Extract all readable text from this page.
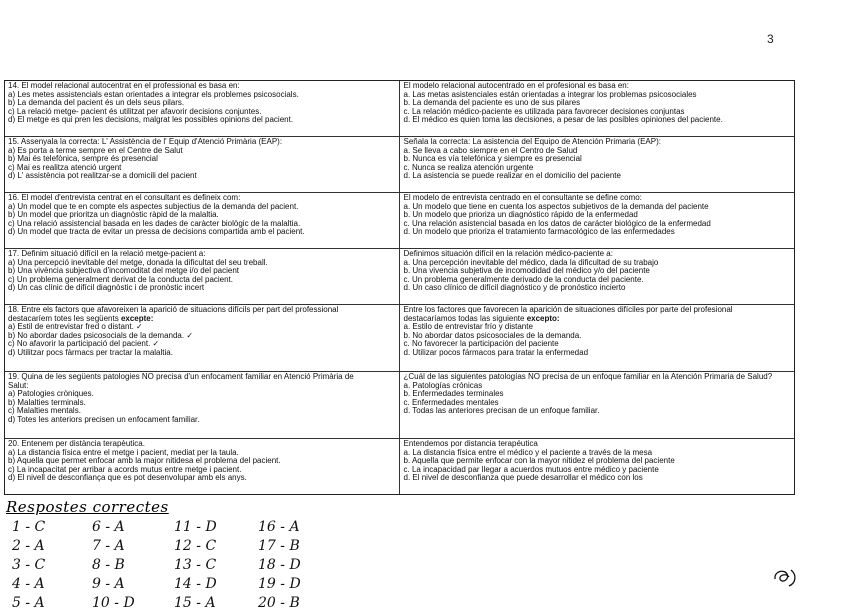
3
14. El model relacional autocentrat en el professional es basa en:
a) Les metes assistencials estan orientades a integrar els problemes psicosocials.
b) La demanda del pacient és un dels seus pilars.
c) La relació metge- pacient és utilitzat per afavorir decisions conjuntes.
d) El metge es qui pren les decisions, malgrat les possibles opinions del pacient.
El modelo relacional autocentrado en el profesional es basa en:
a. Las metas asistenciales están orientadas a integrar los problemas psicosociales
b. La demanda del paciente es uno de sus pilares
c. La relación médico-paciente es utilizada para favorecer decisiones conjuntas
d. El médico es quien toma las decisiones, a pesar de las posibles opiniones del paciente.
15. Assenyala la correcta: L' Assistència de l' Equip d'Atenció Primària (EAP):
a) Es porta a terme sempre en el Centre de Salut
b) Mai és telefònica, sempre és presencial
c) Mai es realitza atenció urgent
d) L' assistència pot realitzar-se a domicili del pacient
Señala la correcta: La asistencia del Equipo de Atención Primaria (EAP):
a. Se lleva a cabo siempre en el Centro de Salud
b. Nunca es vía telefónica y siempre es presencial
c. Nunca se realiza atención urgente
d. La asistencia se puede realizar en el domicilio del paciente
16. El model d'entrevista centrat en el consultant es defineix com:
a) Un model que te en compte els aspectes subjectius de la demanda del pacient.
b) Un model que prioritza un diagnòstic ràpid de la malaltia.
c) Una relació assistencial basada en les dades de caràcter biològic de la malaltia.
d) Un model que tracta de evitar un pressa de decisions compartida amb el pacient.
El modelo de entrevista centrado en el consultante se define como:
a. Un modelo que tiene en cuenta los aspectos subjetivos de la demanda del paciente
b. Un modelo que prioriza un diagnóstico rápido de la enfermedad
c. Una relación asistencial basada en los datos de carácter biológico de la enfermedad
d. Un modelo que prioriza el tratamiento farmacológico de las enfermedades
17. Definim situació difícil en la relació metge-pacient a:
a) Una percepció inevitable del metge, donada la dificultat del seu treball.
b) Una vivència subjectiva d'incomoditat del metge i/o del pacient
c) Un problema generalment derivat de la conducta del pacient.
d) Un cas clínic de difícil diagnòstic i de pronòstic incert
Definimos situación difícil en la relación médico-paciente a:
a. Una percepción inevitable del médico, dada la dificultad de su trabajo
b. Una vivencia subjetiva de incomodidad del médico y/o del paciente
c. Un problema generalmente derivado de la conducta del paciente.
d. Un caso clínico de difícil diagnóstico y de pronóstico incierto
18. Entre els factors que afavoreixen la aparició de situacions difícils per part del professional
destacaríem totes les següents excepte:
a) Estil de entrevistar fred o distant. ✓
b) No abordar dades psicosocials de la demanda. ✓
c) No afavorir la participació del pacient. ✓
d) Utilitzar pocs fàrmacs per tractar la malaltia.
Entre los factores que favorecen la aparición de situaciones difíciles por parte del profesional
destacaríamos todas las siguiente excepto:
a. Estilo de entrevistar frío y distante
b. No abordar datos psicosociales de la demanda.
c. No favorecer la participación del paciente
d. Utilizar pocos fármacos para tratar la enfermedad
19. Quina de les següents patologies NO precisa d'un enfocament familiar en Atenció Primària de
Salut:
a) Patologies cròniques.
b) Malalties terminals.
c) Malalties mentals.
d) Totes les anteriors precisen un enfocament familiar.
¿Cuál de las siguientes patologías NO precisa de un enfoque familiar en la Atención Primaria de Salud?
a. Patologías crónicas
b. Enfermedades terminales
c. Enfermedades mentales
d. Todas las anteriores precisan de un enfoque familiar.
20. Entenem per distància terapèutica.
a) La distancia física entre el metge i pacient, mediat per la taula.
b) Aquella que permet enfocar amb la major nitidesa el problema del pacient.
c) La incapacitat per arribar a acords mutus entre metge i pacient.
d) El nivell de desconfiança que es pot desenvolupar amb els anys.
Entendemos por distancia terapéutica
a. La distancia física entre el médico y el paciente a través de la mesa
b. Aquella que permite enfocar con la mayor nitidez el problema del paciente
c. La incapacidad par llegar a acuerdos mutuos entre médico y paciente
d. El nivel de desconfianza que puede desarrollar el médico con los
Respostes correctes
1 - C	6 - A	11 - D	16 - A
2 - A	7 - A	12 - C	17 - B
3 - C	8 - B	13 - C	18 - D
4 - A	9 - A	14 - D	19 - D
5 - A	10 - D	15 - A	20 - B
